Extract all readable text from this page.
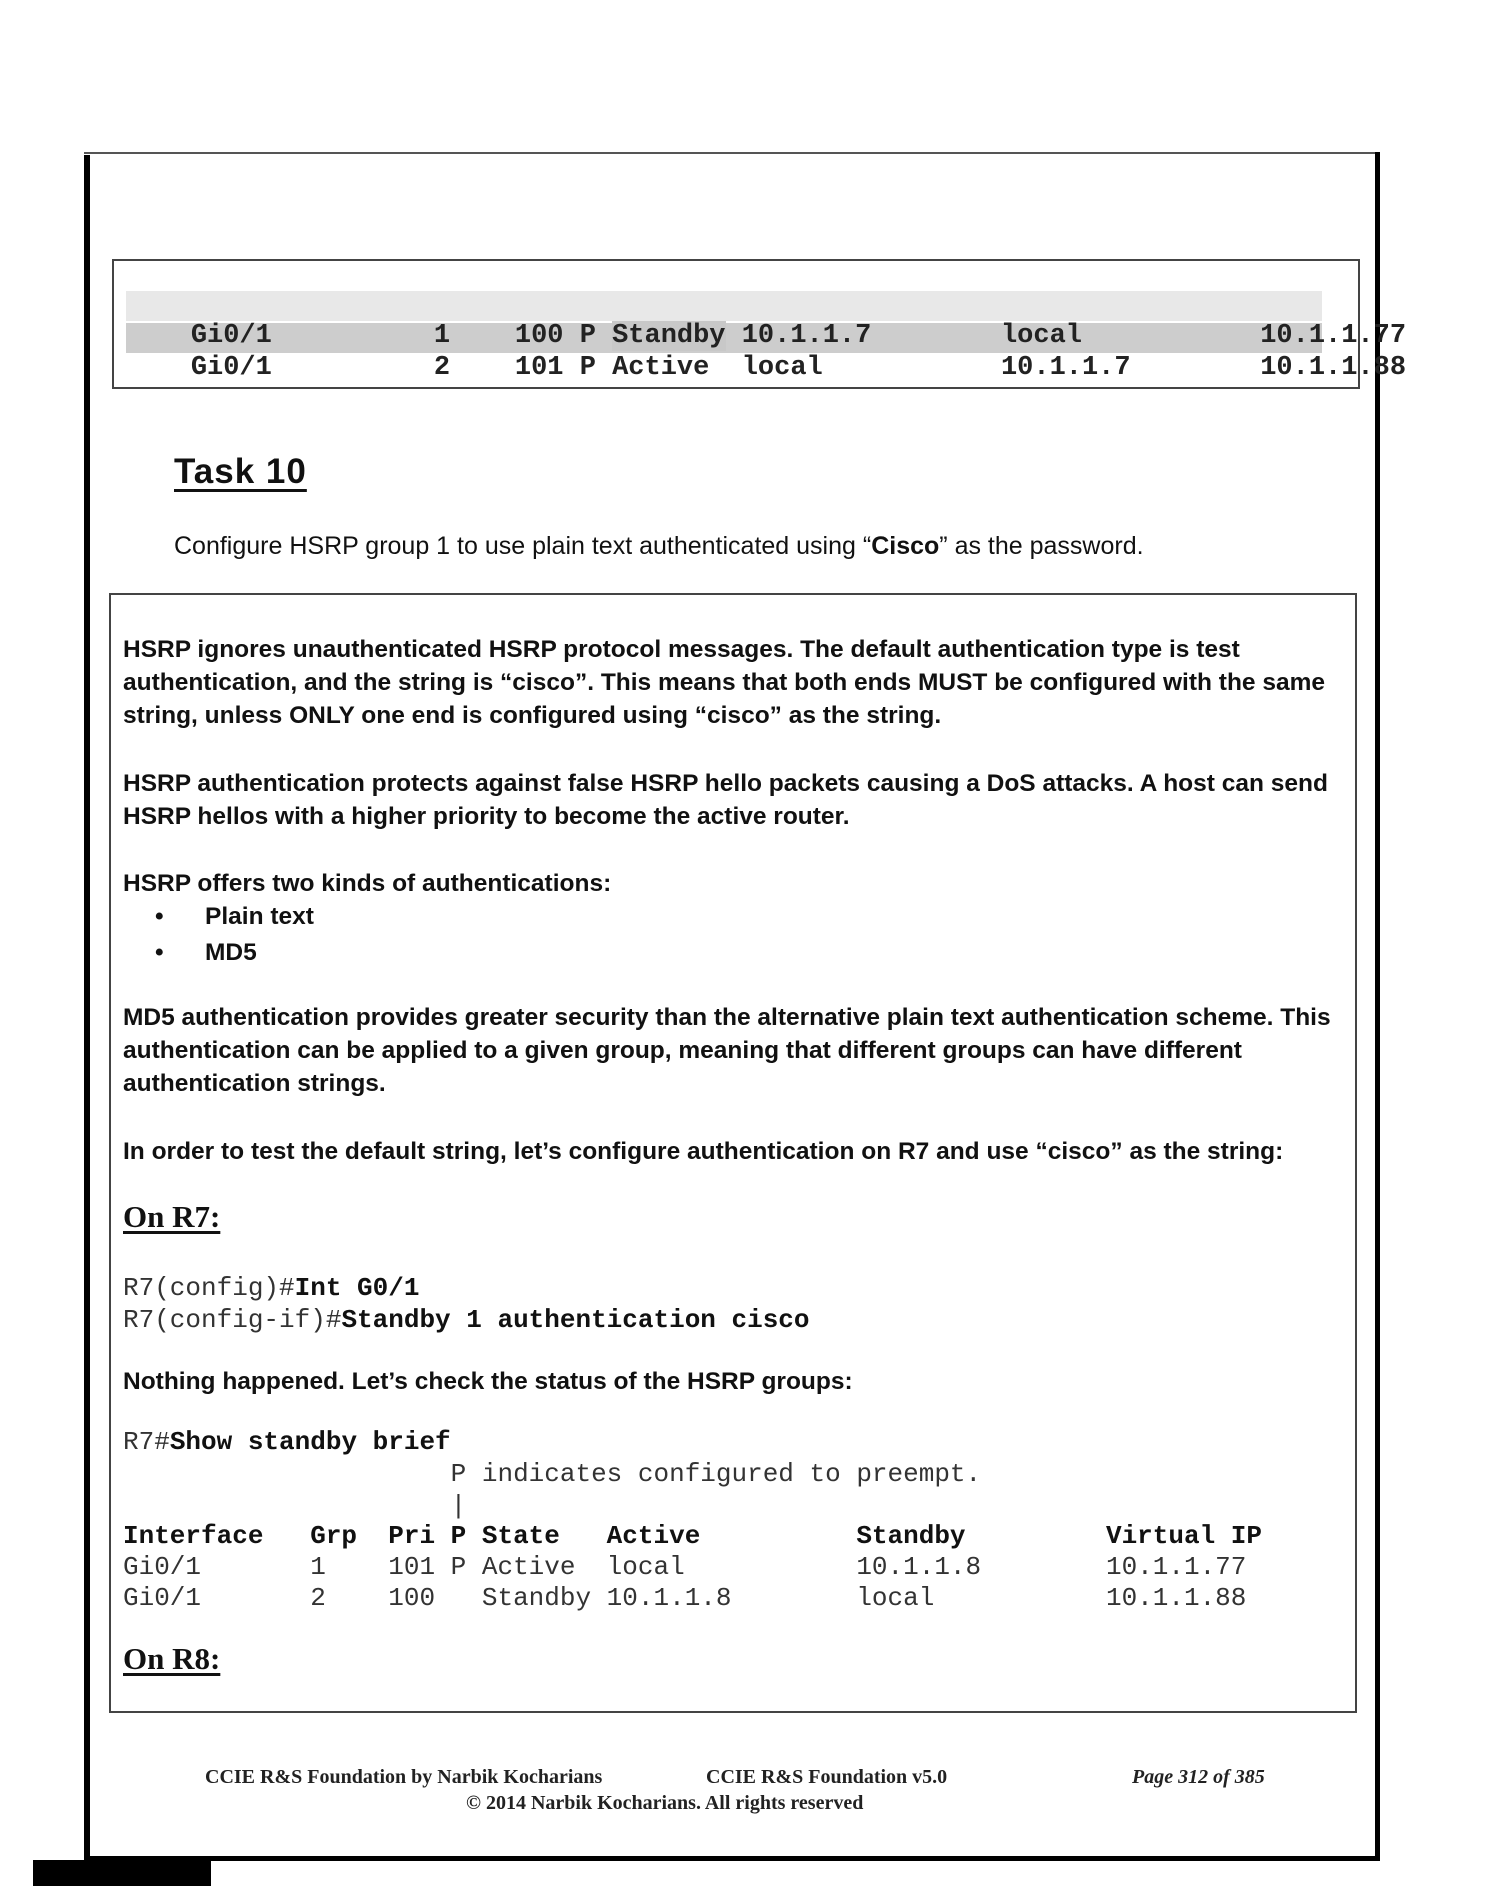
Gi0/1	1 100 P Standby 10.1.1.7	local	10.1.1.77

Gi0/1	2 101 P Active local	10.1.1.7	10.1.1.88

Task 10
Configure HSRP group 1 to use plain text authenticated using “Cisco” as the password.
HSRP ignores unauthenticated HSRP protocol messages. The default authentication type is test authentication, and the string is “cisco”. This means that both ends MUST be configured with the same string, unless ONLY one end is configured using “cisco” as the string.
HSRP authentication protects against false HSRP hello packets causing a DoS attacks. A host can send HSRP hellos with a higher priority to become the active router.
HSRP offers two kinds of authentications:
• Plain text
• MD5
MD5 authentication provides greater security than the alternative plain text authentication scheme. This authentication can be applied to a given group, meaning that different groups can have different authentication strings.
In order to test the default string, let’s configure authentication on R7 and use “cisco” as the string:
On R7:
R7(config)#Int G0/1
R7(config-if)#Standby 1 authentication cisco
Nothing happened. Let’s check the status of the HSRP groups:
R7#Show standby brief
P indicates configured to preempt.
|
Interface   Grp  Pri P State   Active          Standby         Virtual IP
Gi0/1       1    101 P Active  local           10.1.1.8        10.1.1.77
Gi0/1       2    100   Standby 10.1.1.8        local           10.1.1.88
On R8:
CCIE R&S Foundation by Narbik Kocharians	CCIE R&S Foundation v5.0
© 2014 Narbik Kocharians. All rights reserved
Page 312 of 385
